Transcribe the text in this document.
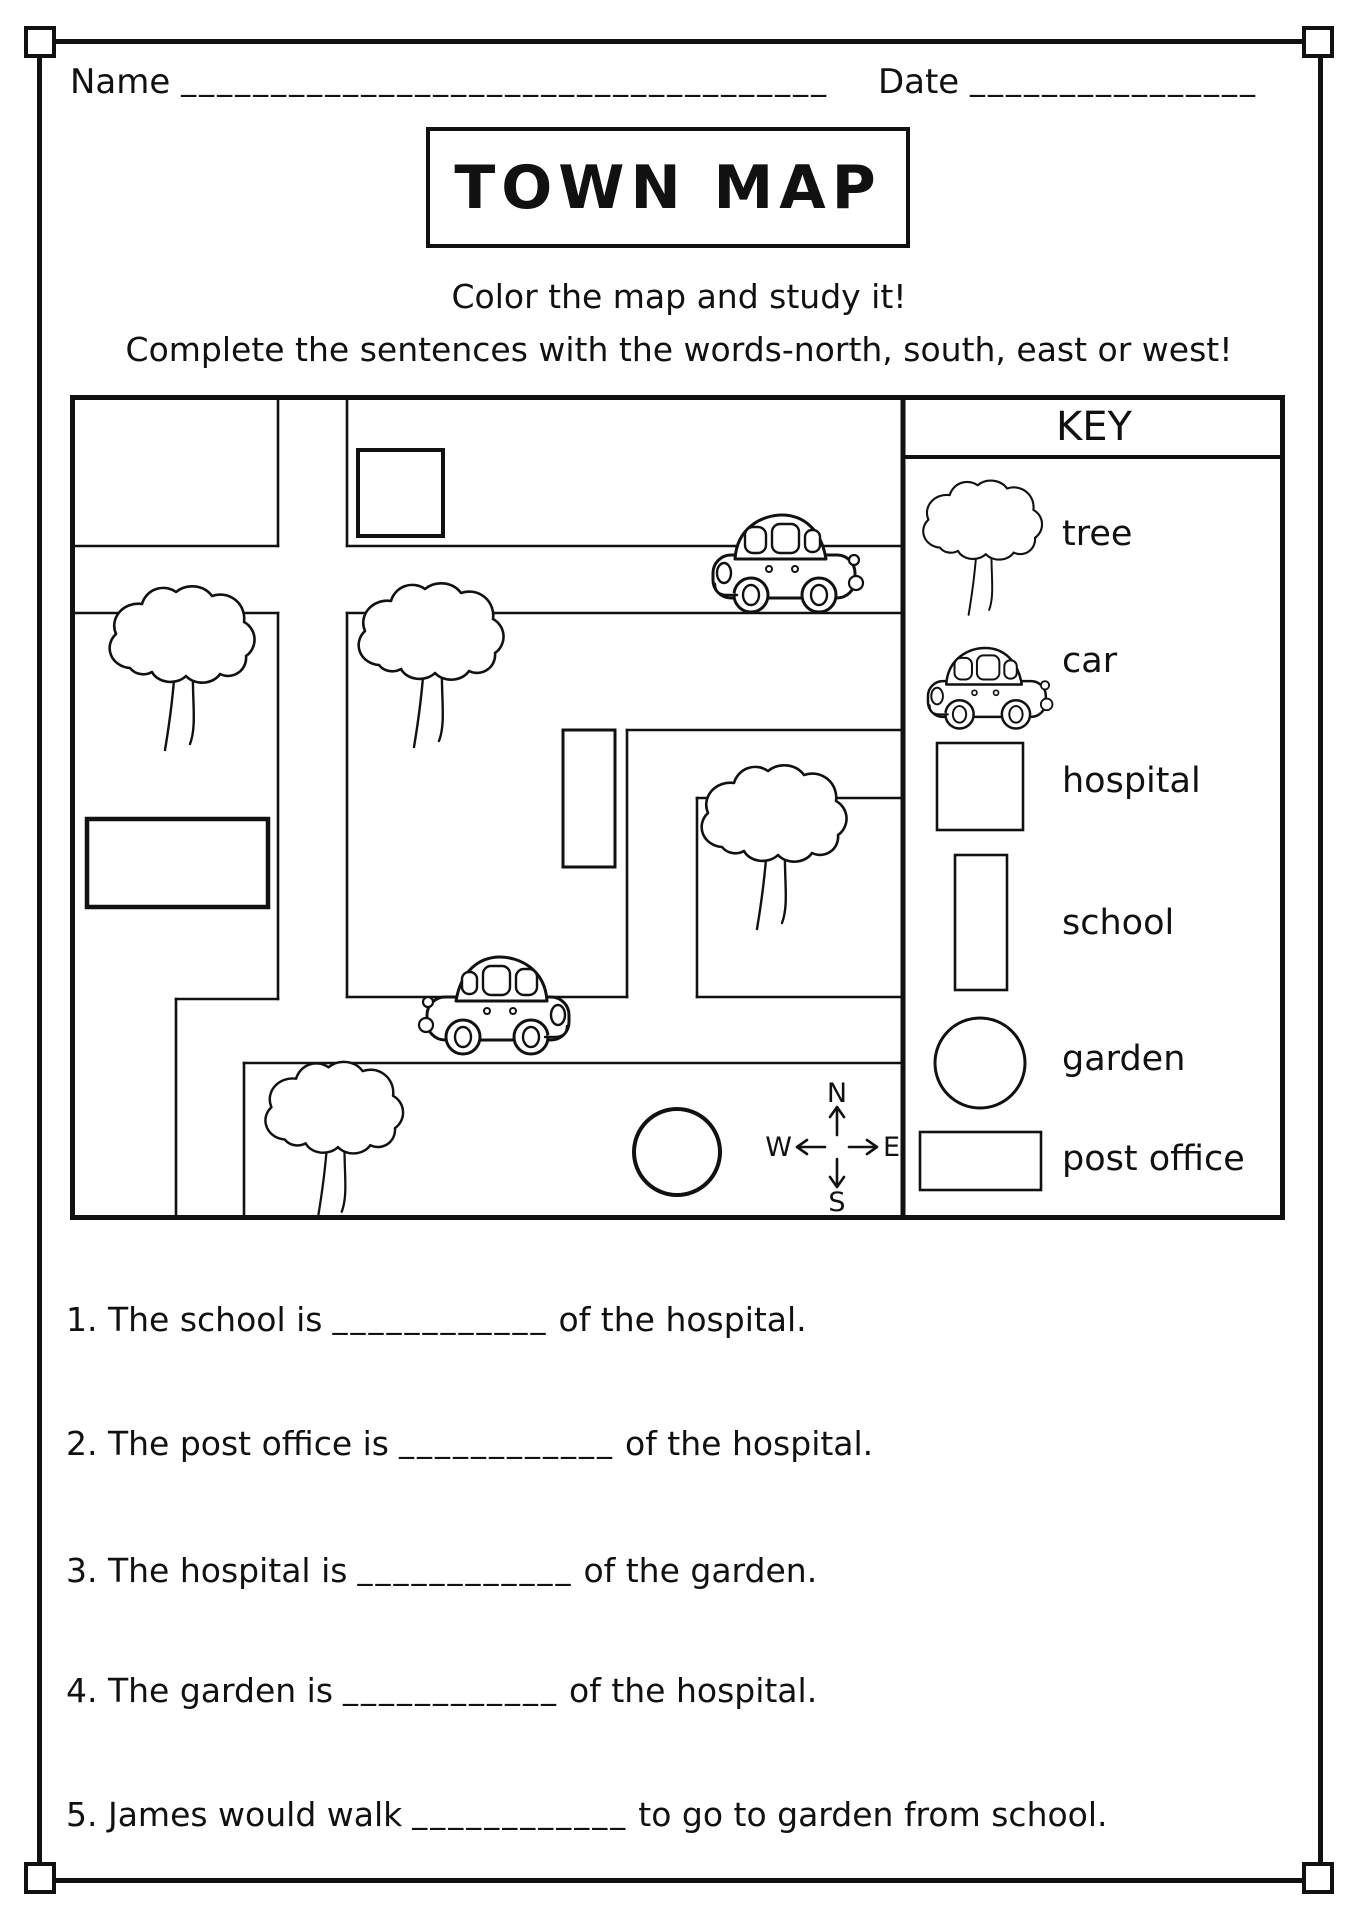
Name ____________________________________ Date ________________
TOWN MAP
Color the map and study it!
Complete the sentences with the words-north, south, east or west!
N
S
W	E
KEY
tree
car
hospital
school
garden
post office
1. The school is ____________ of the hospital.
2. The post office is ____________ of the hospital.
3. The hospital is ____________ of the garden.
4. The garden is ____________ of the hospital.
5. James would walk ____________ to go to garden from school.
